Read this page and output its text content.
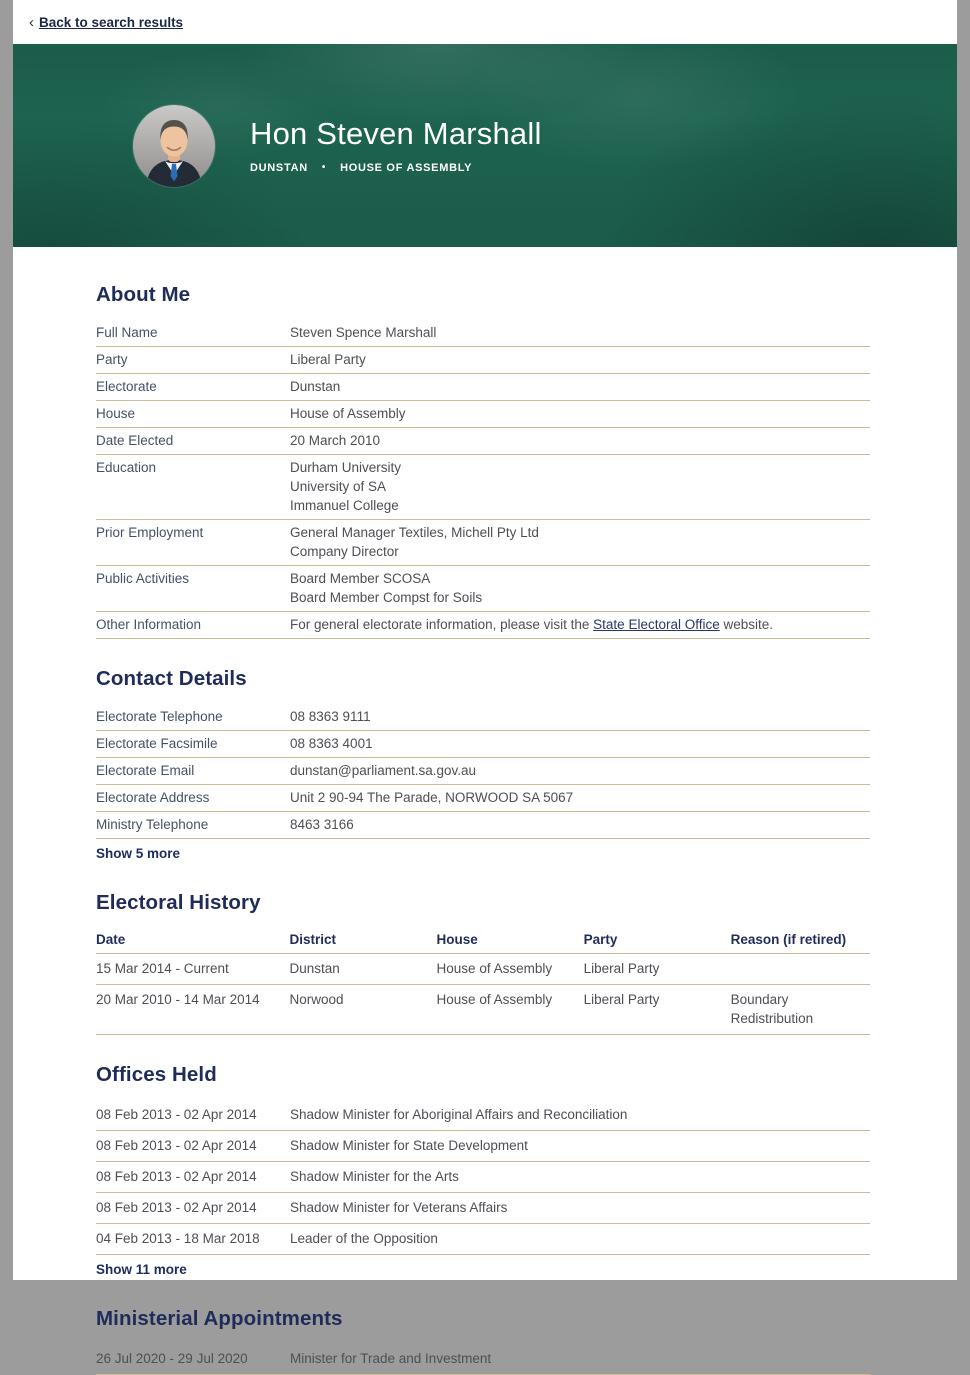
‹ Back to search results
Hon Steven Marshall
DUNSTAN • HOUSE OF ASSEMBLY
About Me
Full Name	Steven Spence Marshall
Party	Liberal Party
Electorate	Dunstan
House	House of Assembly
Date Elected	20 March 2010
Education	Durham University
University of SA
Immanuel College
Prior Employment	General Manager Textiles, Michell Pty Ltd
Company Director
Public Activities	Board Member SCOSA
Board Member Compst for Soils
Other Information	For general electorate information, please visit the State Electoral Office website.
Contact Details
Electorate Telephone	08 8363 9111
Electorate Facsimile	08 8363 4001
Electorate Email	dunstan@parliament.sa.gov.au
Electorate Address	Unit 2 90-94 The Parade, NORWOOD SA 5067
Ministry Telephone	8463 3166
Show 5 more
Electoral History
Date	District	House	Party	Reason (if retired)
15 Mar 2014 - Current	Dunstan	House of Assembly	Liberal Party
20 Mar 2010 - 14 Mar 2014	Norwood	House of Assembly	Liberal Party	Boundary Redistribution
Offices Held
08 Feb 2013 - 02 Apr 2014	Shadow Minister for Aboriginal Affairs and Reconciliation
08 Feb 2013 - 02 Apr 2014	Shadow Minister for State Development
08 Feb 2013 - 02 Apr 2014	Shadow Minister for the Arts
08 Feb 2013 - 02 Apr 2014	Shadow Minister for Veterans Affairs
04 Feb 2013 - 18 Mar 2018	Leader of the Opposition
Show 11 more
Ministerial Appointments
26 Jul 2020 - 29 Jul 2020	Minister for Trade and Investment
